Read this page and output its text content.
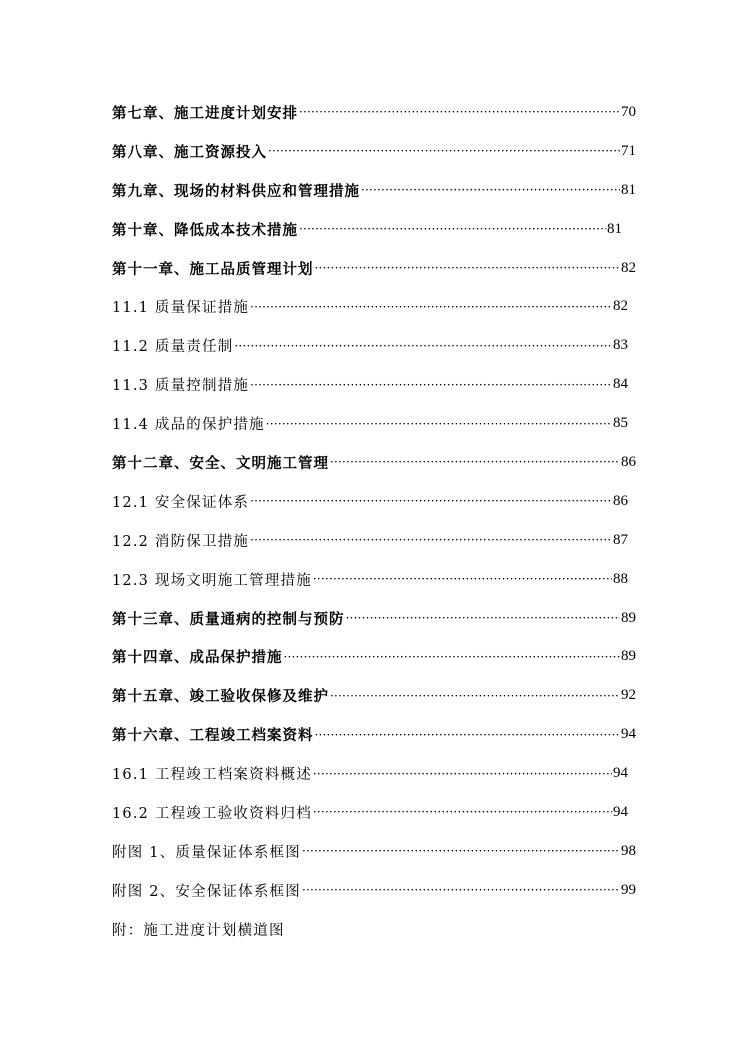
第七章、施工进度计划安排 ·····	70
第八章、施工资源投入 ·····	71
第九章、现场的材料供应和管理措施 ·····	81
第十章、降低成本技术措施 ·····	81
第十一章、施工品质管理计划 ·····	82
11.1 质量保证措施 ·····	82
11.2 质量责任制 ·····	83
11.3 质量控制措施 ·····	84
11.4 成品的保护措施 ·····	85
第十二章、安全、文明施工管理 ·····	86
12.1 安全保证体系 ·····	86
12.2 消防保卫措施 ·····	87
12.3 现场文明施工管理措施 ·····	88
第十三章、质量通病的控制与预防 ·····	89
第十四章、成品保护措施 ·····	89
第十五章、竣工验收保修及维护 ·····	92
第十六章、工程竣工档案资料 ·····	94
16.1 工程竣工档案资料概述 ·····	94
16.2 工程竣工验收资料归档 ·····	94
附图 1、质量保证体系框图 ·····	98
附图 2、安全保证体系框图 ·····	99
附：施工进度计划横道图
